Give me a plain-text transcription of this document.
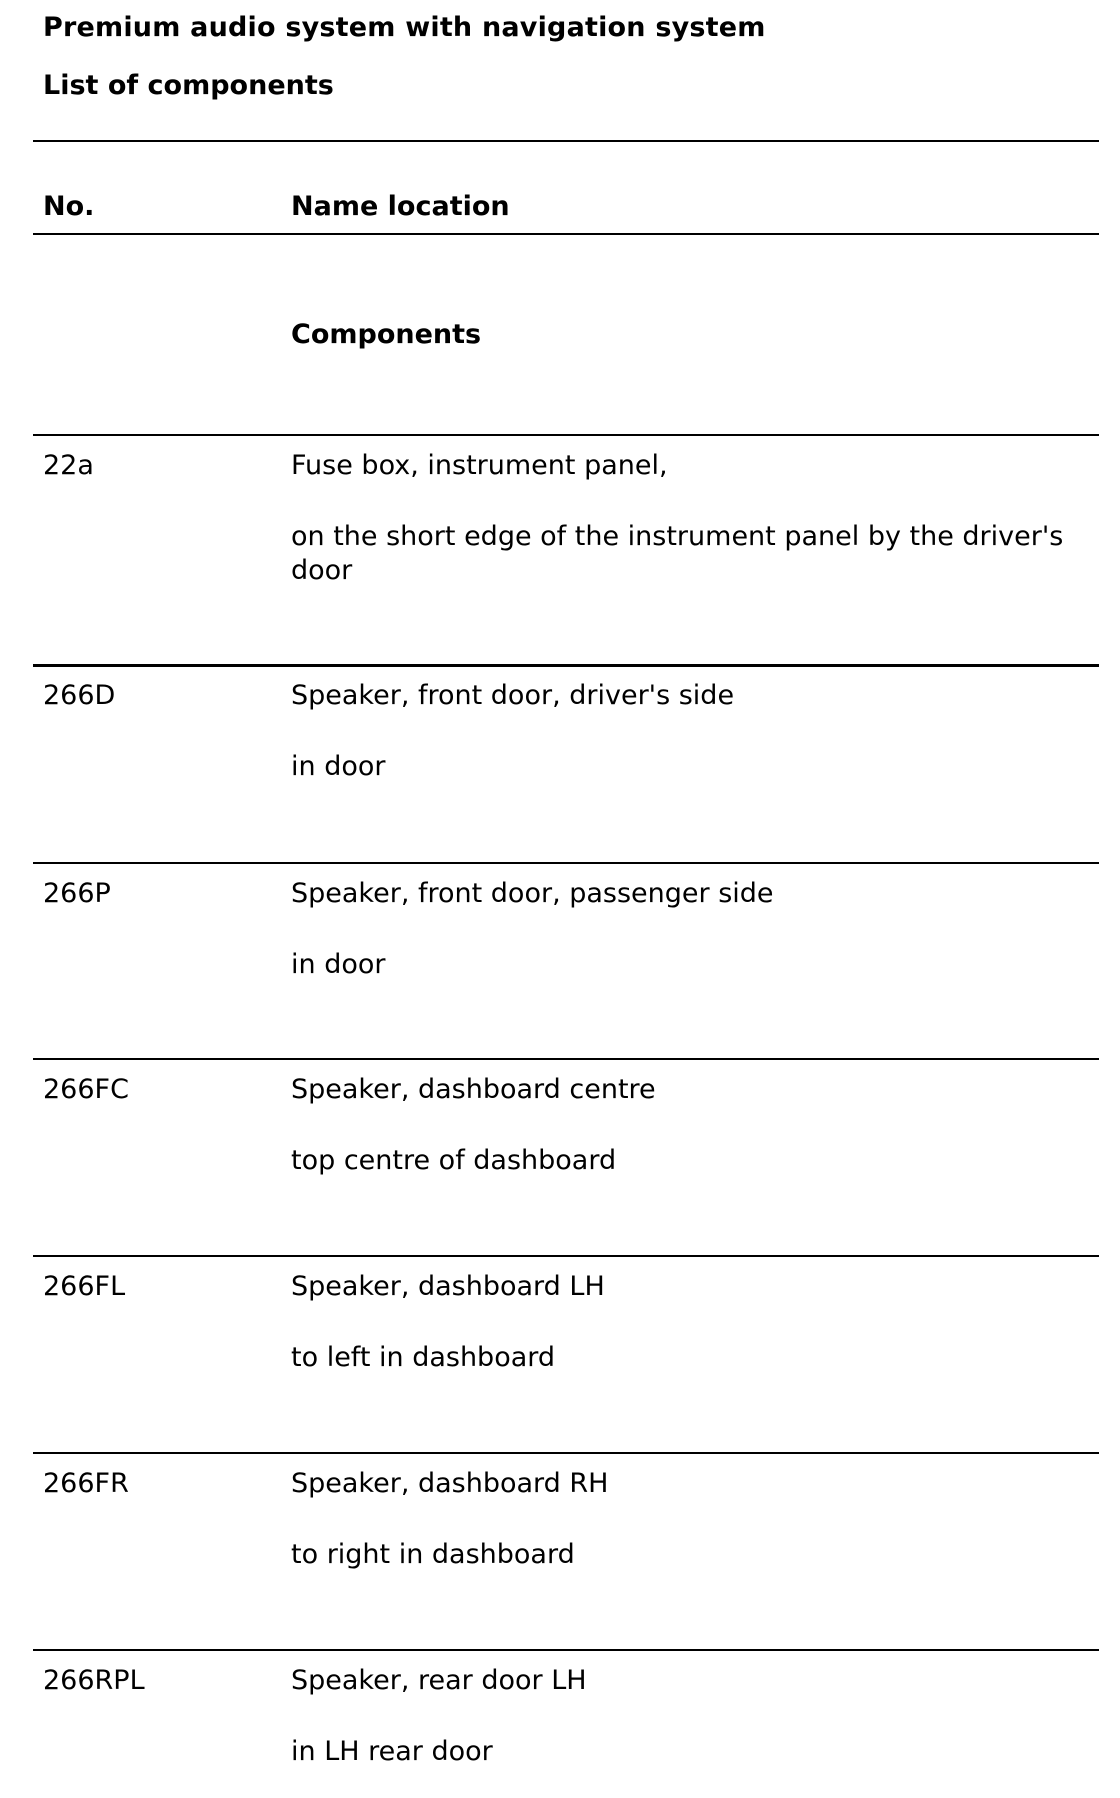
Premium audio system with navigation system
List of components
No.	Name location
Components
22a	Fuse box, instrument panel,
on the short edge of the instrument panel by the driver's door
266D	Speaker, front door, driver's side
in door
266P	Speaker, front door, passenger side
in door
266FC	Speaker, dashboard centre
top centre of dashboard
266FL	Speaker, dashboard LH
to left in dashboard
266FR	Speaker, dashboard RH
to right in dashboard
266RPL	Speaker, rear door LH
in LH rear door
